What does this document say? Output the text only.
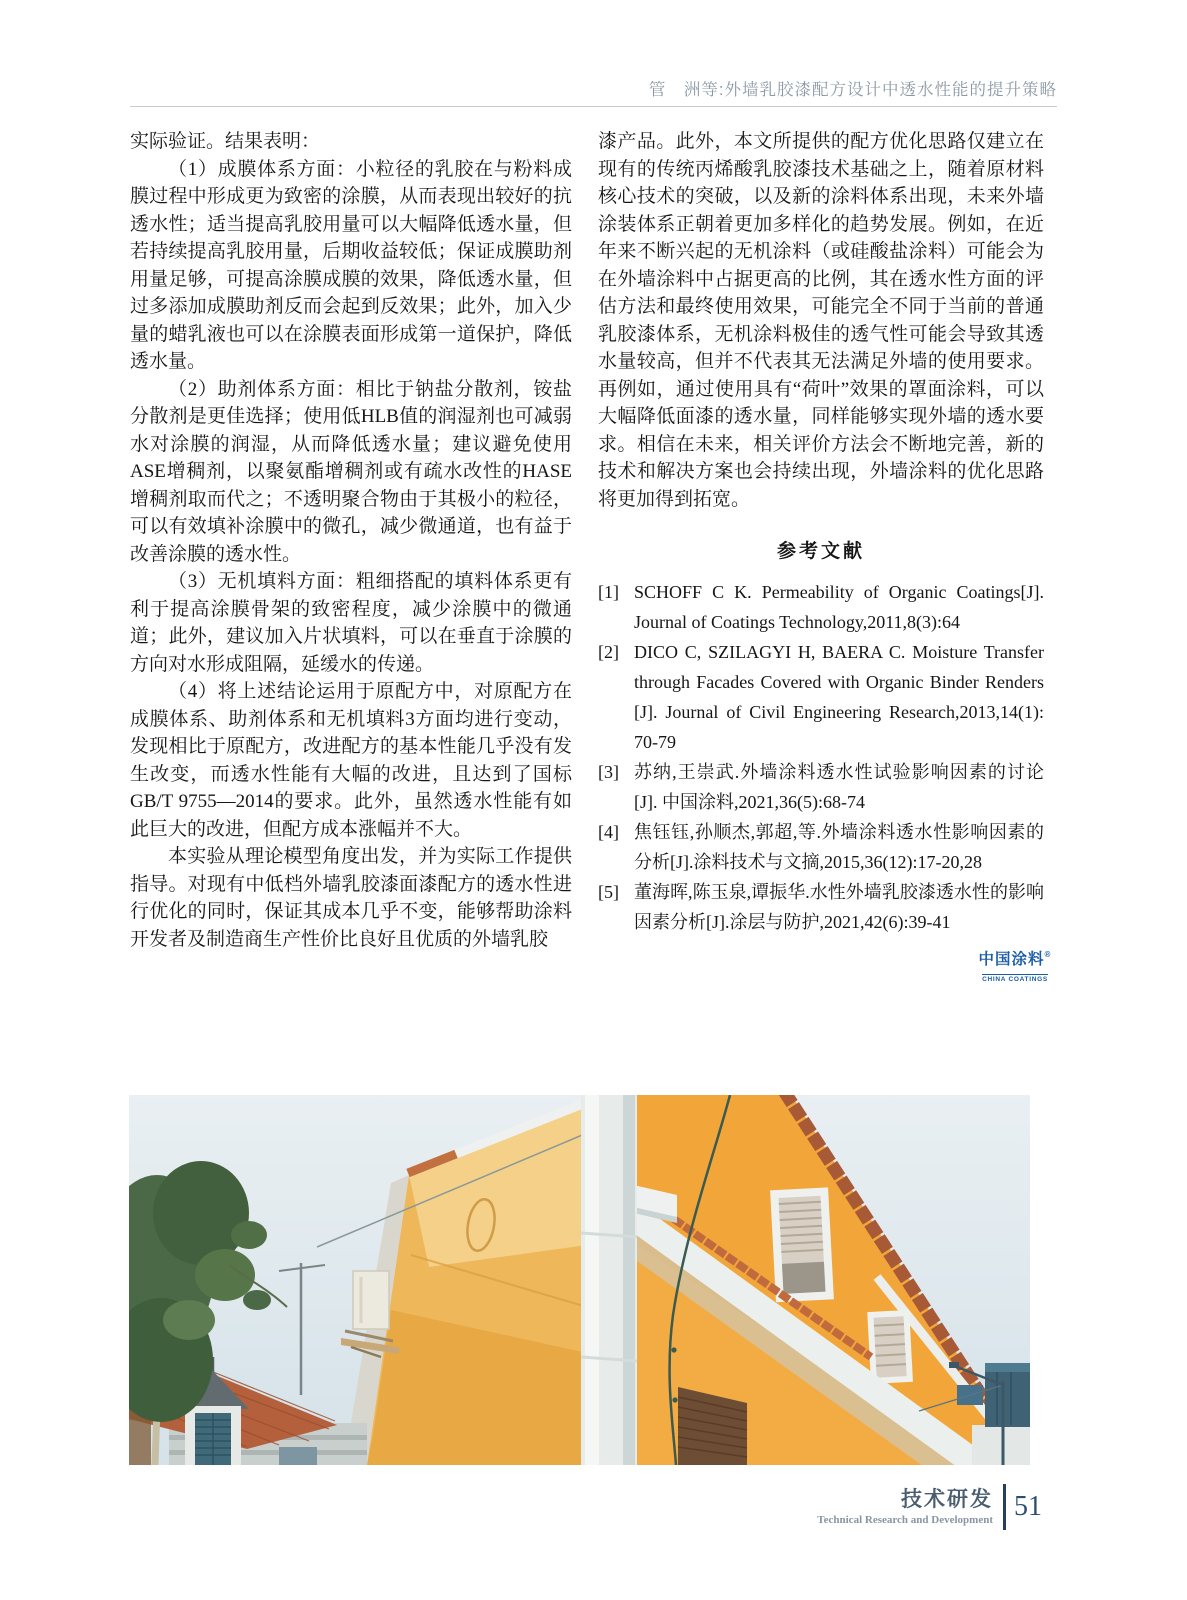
管　洲等:外墙乳胶漆配方设计中透水性能的提升策略

实际验证。结果表明：

（1）成膜体系方面：小粒径的乳胶在与粉料成膜过程中形成更为致密的涂膜，从而表现出较好的抗透水性；适当提高乳胶用量可以大幅降低透水量，但若持续提高乳胶用量，后期收益较低；保证成膜助剂用量足够，可提高涂膜成膜的效果，降低透水量，但过多添加成膜助剂反而会起到反效果；此外，加入少量的蜡乳液也可以在涂膜表面形成第一道保护，降低透水量。

（2）助剂体系方面：相比于钠盐分散剂，铵盐分散剂是更佳选择；使用低HLB值的润湿剂也可减弱水对涂膜的润湿，从而降低透水量；建议避免使用ASE增稠剂，以聚氨酯增稠剂或有疏水改性的HASE增稠剂取而代之；不透明聚合物由于其极小的粒径，可以有效填补涂膜中的微孔，减少微通道，也有益于改善涂膜的透水性。

（3）无机填料方面：粗细搭配的填料体系更有利于提高涂膜骨架的致密程度，减少涂膜中的微通道；此外，建议加入片状填料，可以在垂直于涂膜的方向对水形成阻隔，延缓水的传递。

（4）将上述结论运用于原配方中，对原配方在成膜体系、助剂体系和无机填料3方面均进行变动，发现相比于原配方，改进配方的基本性能几乎没有发生改变，而透水性能有大幅的改进，且达到了国标GB/T 9755—2014的要求。此外，虽然透水性能有如此巨大的改进，但配方成本涨幅并不大。

本实验从理论模型角度出发，并为实际工作提供指导。对现有中低档外墙乳胶漆面漆配方的透水性进行优化的同时，保证其成本几乎不变，能够帮助涂料开发者及制造商生产性价比良好且优质的外墙乳胶

漆产品。此外，本文所提供的配方优化思路仅建立在现有的传统丙烯酸乳胶漆技术基础之上，随着原材料核心技术的突破，以及新的涂料体系出现，未来外墙涂装体系正朝着更加多样化的趋势发展。例如，在近年来不断兴起的无机涂料（或硅酸盐涂料）可能会为在外墙涂料中占据更高的比例，其在透水性方面的评估方法和最终使用效果，可能完全不同于当前的普通乳胶漆体系，无机涂料极佳的透气性可能会导致其透水量较高，但并不代表其无法满足外墙的使用要求。再例如，通过使用具有“荷叶”效果的罩面涂料，可以大幅降低面漆的透水量，同样能够实现外墙的透水要求。相信在未来，相关评价方法会不断地完善，新的技术和解决方案也会持续出现，外墙涂料的优化思路将更加得到拓宽。

参考文献

[1] SCHOFF C K. Permeability of Organic Coatings[J]. Journal of Coatings Technology,2011,8(3):64
[2] DICO C, SZILAGYI H, BAERA C. Moisture Transfer through Facades Covered with Organic Binder Renders [J]. Journal of Civil Engineering Research,2013,14(1): 70-79
[3] 苏纳,王崇武.外墙涂料透水性试验影响因素的讨论[J]. 中国涂料,2021,36(5):68-74
[4] 焦钰钰,孙顺杰,郭超,等.外墙涂料透水性影响因素的分析[J].涂料技术与文摘,2015,36(12):17-20,28
[5] 董海晖,陈玉泉,谭振华.水性外墙乳胶漆透水性的影响因素分析[J].涂层与防护,2021,42(6):39-41
中国涂料®
CHINA COATINGS
技术研发
Technical Research and Development 51
